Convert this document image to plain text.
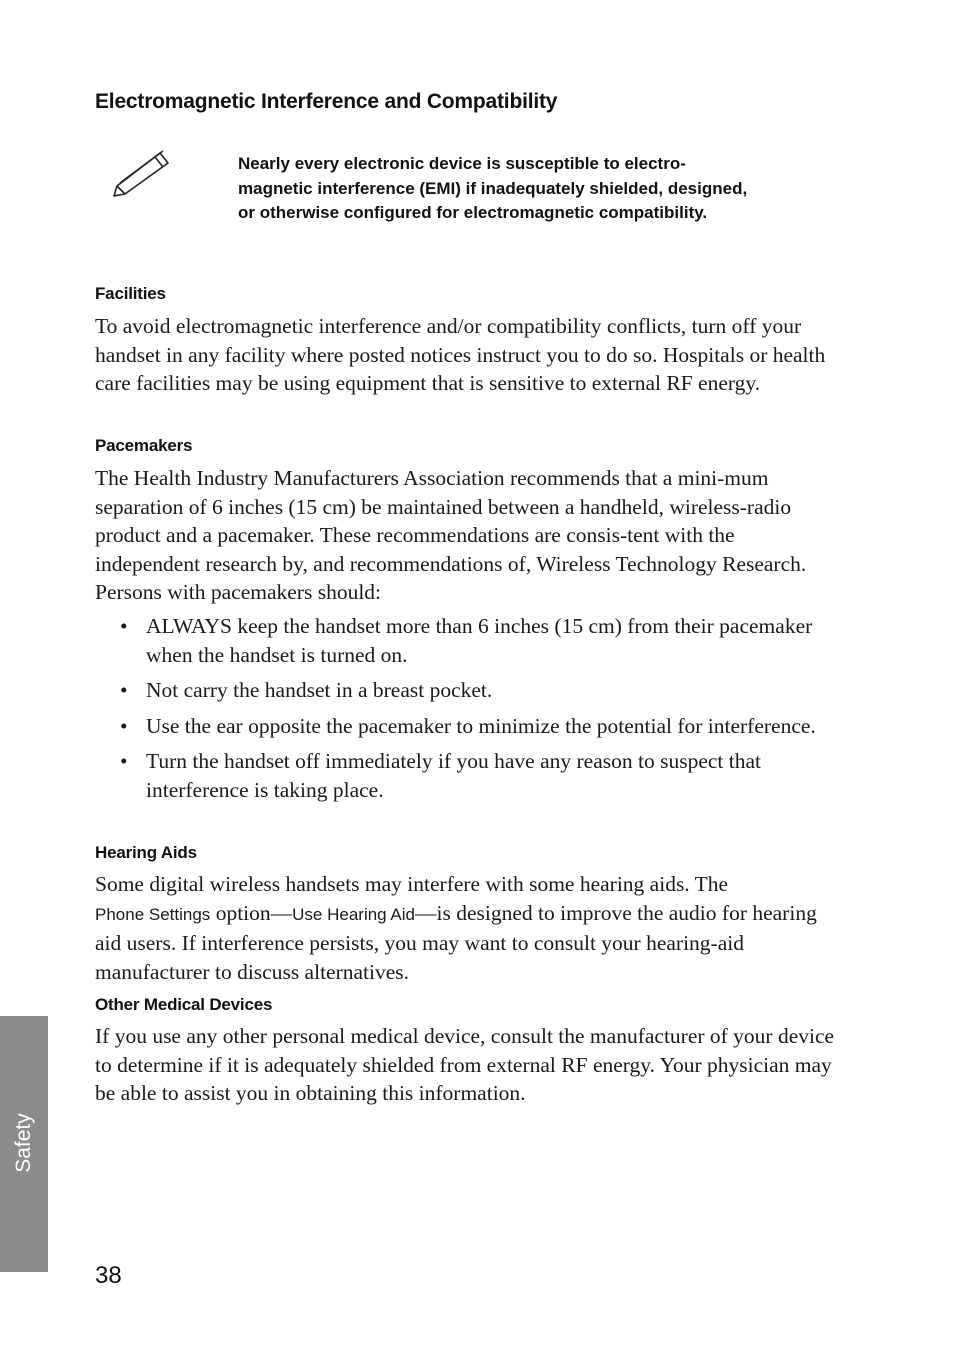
Electromagnetic Interference and Compatibility

Nearly every electronic device is susceptible to electro-magnetic interference (EMI) if inadequately shielded, designed, or otherwise configured for electromagnetic compatibility.

Facilities

To avoid electromagnetic interference and/or compatibility conflicts, turn off your handset in any facility where posted notices instruct you to do so. Hospitals or health care facilities may be using equipment that is sensitive to external RF energy.

Pacemakers

The Health Industry Manufacturers Association recommends that a mini-mum separation of 6 inches (15 cm) be maintained between a handheld, wireless-radio product and a pacemaker. These recommendations are consis-tent with the independent research by, and recommendations of, Wireless Technology Research. Persons with pacemakers should:

• ALWAYS keep the handset more than 6 inches (15 cm) from their pacemaker when the handset is turned on.
• Not carry the handset in a breast pocket.
• Use the ear opposite the pacemaker to minimize the potential for interference.
• Turn the handset off immediately if you have any reason to suspect that interference is taking place.
Hearing Aids

Some digital wireless handsets may interfere with some hearing aids. The
Phone Settings option—Use Hearing Aid—is designed to improve the audio for hearing aid users. If interference persists, you may want to consult your hearing-aid manufacturer to discuss alternatives.

Other Medical Devices

If you use any other personal medical device, consult the manufacturer of your device to determine if it is adequately shielded from external RF energy. Your physician may be able to assist you in obtaining this information.

Safety

38
